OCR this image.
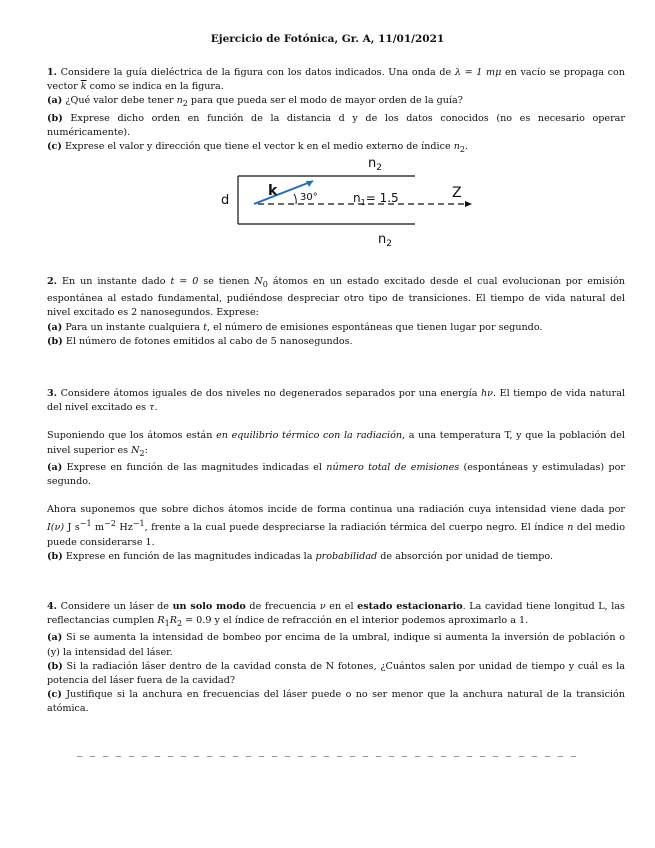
Ejercicio de Fotónica, Gr. A, 11/01/2021

1. Considere la guía dieléctrica de la figura con los datos indicados. Una onda de λ = 1 mμ en vacío se propaga con vector $\overline{k}$ como se indica en la figura.

(a) ¿Qué valor debe tener $n_2$ para que pueda ser el modo de mayor orden de la guía?

(b) Exprese dicho orden en función de la distancia d y de los datos conocidos (no es necesario operar numéricamente).

(c) Exprese el valor y dirección que tiene el vector k en el medio externo de índice $n_2$.

$n_2$
d
k 30°	$n_1= 1.5$	Z
$n_2$

2. En un instante dado t = 0 se tienen $N_0$ átomos en un estado excitado desde el cual evolucionan por emisión espontánea al estado fundamental, pudiéndose despreciar otro tipo de transiciones. El tiempo de vida natural del nivel excitado es 2 nanosegundos. Exprese:

(a) Para un instante cualquiera t, el número de emisiones espontáneas que tienen lugar por segundo.

(b) El número de fotones emitidos al cabo de 5 nanosegundos.

3. Considere átomos iguales de dos niveles no degenerados separados por una energía hν. El tiempo de vida natural del nivel excitado es τ.

Suponiendo que los átomos están en equilibrio térmico con la radiación, a una temperatura T, y que la población del nivel superior es $N_2$:

(a) Exprese en función de las magnitudes indicadas el número total de emisiones (espontáneas y estimuladas) por segundo.

Ahora suponemos que sobre dichos átomos incide de forma continua una radiación cuya intensidad viene dada por I(ν) J $s^{-1}$ $m^{-2}$ $Hz^{-1}$, frente a la cual puede despreciarse la radiación térmica del cuerpo negro. El índice n del medio puede considerarse 1.

(b) Exprese en función de las magnitudes indicadas la probabilidad de absorción por unidad de tiempo.

4. Considere un láser de un solo modo de frecuencia ν en el estado estacionario. La cavidad tiene longitud L, las reflectancias cumplen $R_1R_2 = 0.9$ y el índice de refracción en el interior podemos aproximarlo a 1.

(a) Si se aumenta la intensidad de bombeo por encima de la umbral, indique si aumenta la inversión de población o (y) la intensidad del láser.

(b) Si la radiación láser dentro de la cavidad consta de N fotones, ¿Cuántos salen por unidad de tiempo y cuál es la potencia del láser fuera de la cavidad?

(c) Justifique si la anchura en frecuencias del láser puede o no ser menor que la anchura natural de la transición atómica.

_ _ _ _ _ _ _ _ _ _ _ _ _ _ _ _ _ _ _ _ _ _ _ _ _ _ _ _ _ _ _ _ _ _ _ _ _ _ _
